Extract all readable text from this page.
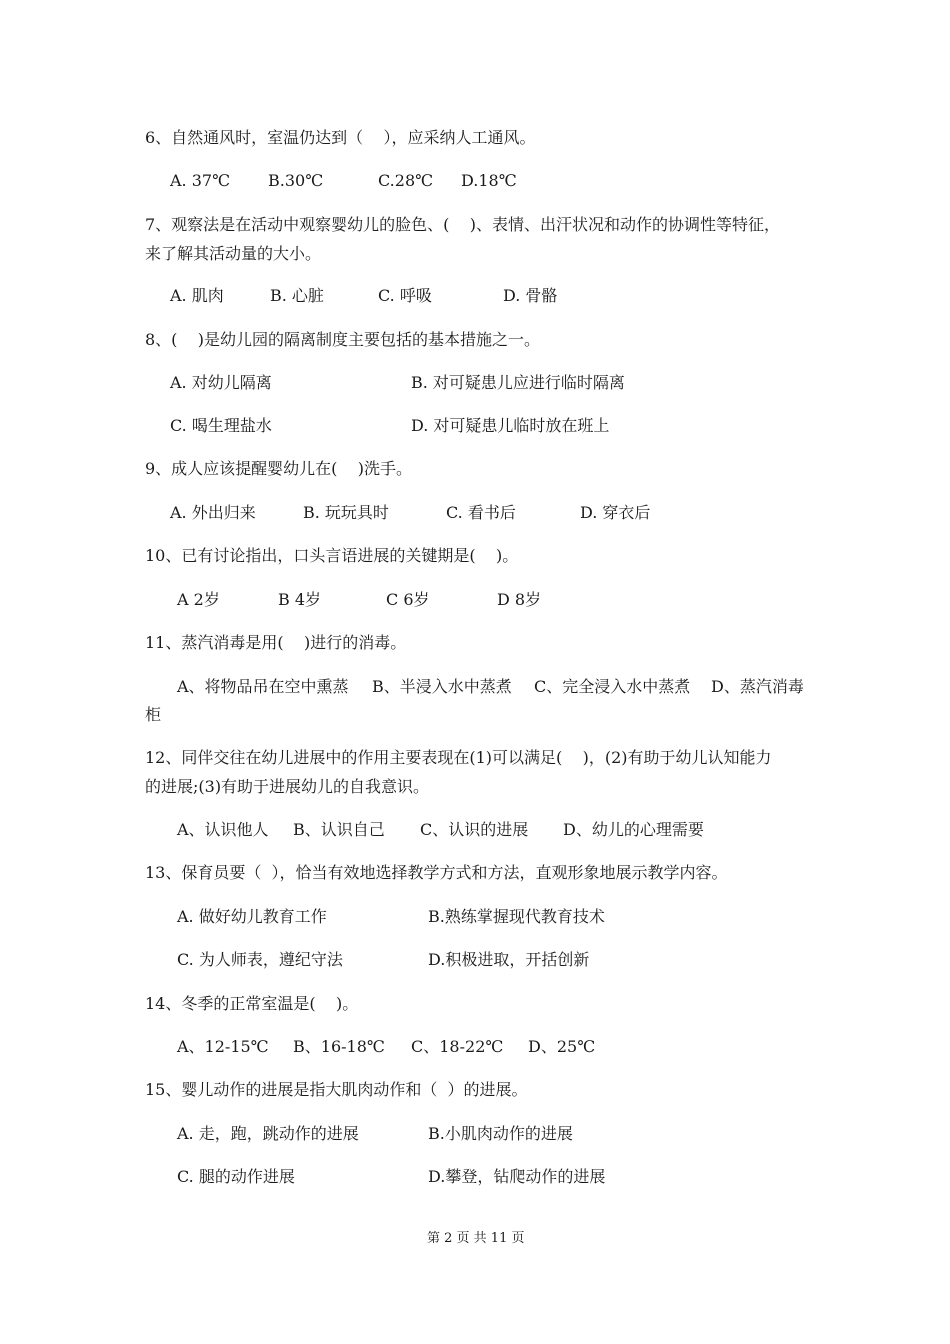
6、自然通风时，室温仍达到（    ），应采纳人工通风。
A. 37℃ B.30℃	C.28℃ D.18℃
7、观察法是在活动中观察婴幼儿的脸色、(    )、表情、出汗状况和动作的协调性等特征，
来了解其活动量的大小。
A. 肌肉	B. 心脏	C. 呼吸	D. 骨骼
8、(    )是幼儿园的隔离制度主要包括的基本措施之一。
A. 对幼儿隔离	B. 对可疑患儿应进行临时隔离
C. 喝生理盐水	D. 对可疑患儿临时放在班上
9、成人应该提醒婴幼儿在(    )洗手。
A. 外出归来	B. 玩玩具时	C. 看书后	D. 穿衣后
10、已有讨论指出，口头言语进展的关键期是(    )。
A 2岁	B 4岁	C 6岁	D 8岁
11、蒸汽消毒是用(    )进行的消毒。
A、将物品吊在空中熏蒸 B、半浸入水中蒸煮 C、完全浸入水中蒸煮 D、蒸汽消毒
柜
12、同伴交往在幼儿进展中的作用主要表现在(1)可以满足(    )，(2)有助于幼儿认知能力
的进展;(3)有助于进展幼儿的自我意识。
A、认识他人 B、认识自己 C、认识的进展 D、幼儿的心理需要
13、保育员要（  ），恰当有效地选择教学方式和方法，直观形象地展示教学内容。
A. 做好幼儿教育工作	B.熟练掌握现代教育技术
C. 为人师表，遵纪守法	D.积极进取，开括创新
14、冬季的正常室温是(    )。
A、12-15℃ B、16-18℃ C、18-22℃ D、25℃
15、婴儿动作的进展是指大肌肉动作和（  ）的进展。
A. 走，跑，跳动作的进展	B.小肌肉动作的进展
C. 腿的动作进展	D.攀登，钻爬动作的进展
第 2 页 共 11 页
